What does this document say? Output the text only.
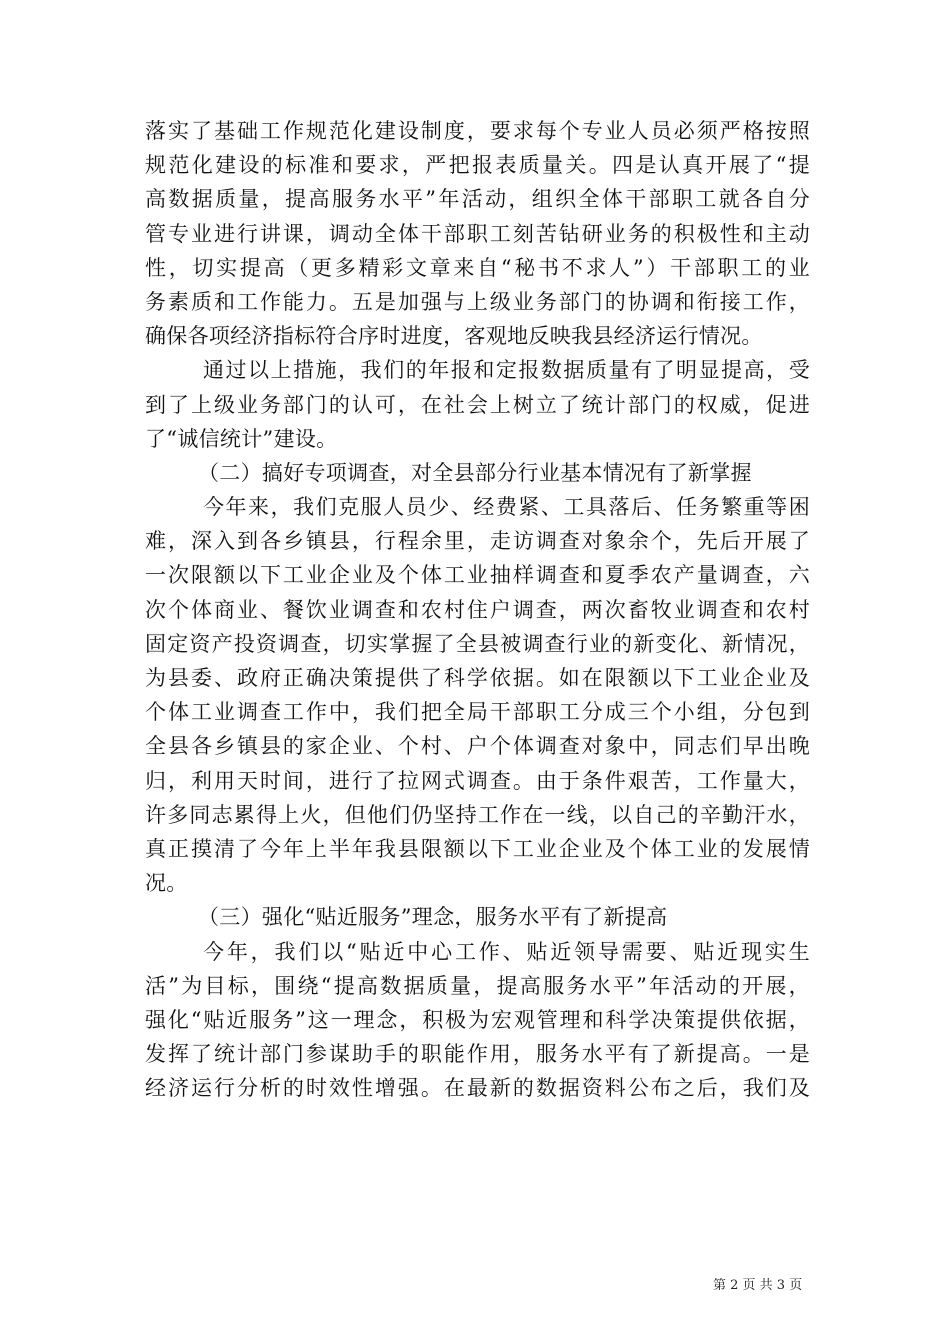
落实了基础工作规范化建设制度，要求每个专业人员必须严格按照
规范化建设的标准和要求，严把报表质量关。四是认真开展了“提
高数据质量，提高服务水平”年活动，组织全体干部职工就各自分
管专业进行讲课，调动全体干部职工刻苦钻研业务的积极性和主动
性，切实提高（更多精彩文章来自“秘书不求人”）干部职工的业
务素质和工作能力。五是加强与上级业务部门的协调和衔接工作，
确保各项经济指标符合序时进度，客观地反映我县经济运行情况。
通过以上措施，我们的年报和定报数据质量有了明显提高，受
到了上级业务部门的认可，在社会上树立了统计部门的权威，促进
了“诚信统计”建设。
（二）搞好专项调查，对全县部分行业基本情况有了新掌握
今年来，我们克服人员少、经费紧、工具落后、任务繁重等困
难，深入到各乡镇县，行程余里，走访调查对象余个，先后开展了
一次限额以下工业企业及个体工业抽样调查和夏季农产量调查，六
次个体商业、餐饮业调查和农村住户调查，两次畜牧业调查和农村
固定资产投资调查，切实掌握了全县被调查行业的新变化、新情况，
为县委、政府正确决策提供了科学依据。如在限额以下工业企业及
个体工业调查工作中，我们把全局干部职工分成三个小组，分包到
全县各乡镇县的家企业、个村、户个体调查对象中，同志们早出晚
归，利用天时间，进行了拉网式调查。由于条件艰苦，工作量大，
许多同志累得上火，但他们仍坚持工作在一线，以自己的辛勤汗水，
真正摸清了今年上半年我县限额以下工业企业及个体工业的发展情
况。
（三）强化“贴近服务”理念，服务水平有了新提高
今年，我们以“贴近中心工作、贴近领导需要、贴近现实生
活”为目标，围绕“提高数据质量，提高服务水平”年活动的开展，
强化“贴近服务”这一理念，积极为宏观管理和科学决策提供依据，
发挥了统计部门参谋助手的职能作用，服务水平有了新提高。一是
经济运行分析的时效性增强。在最新的数据资料公布之后，我们及
第 2 页 共 3 页
